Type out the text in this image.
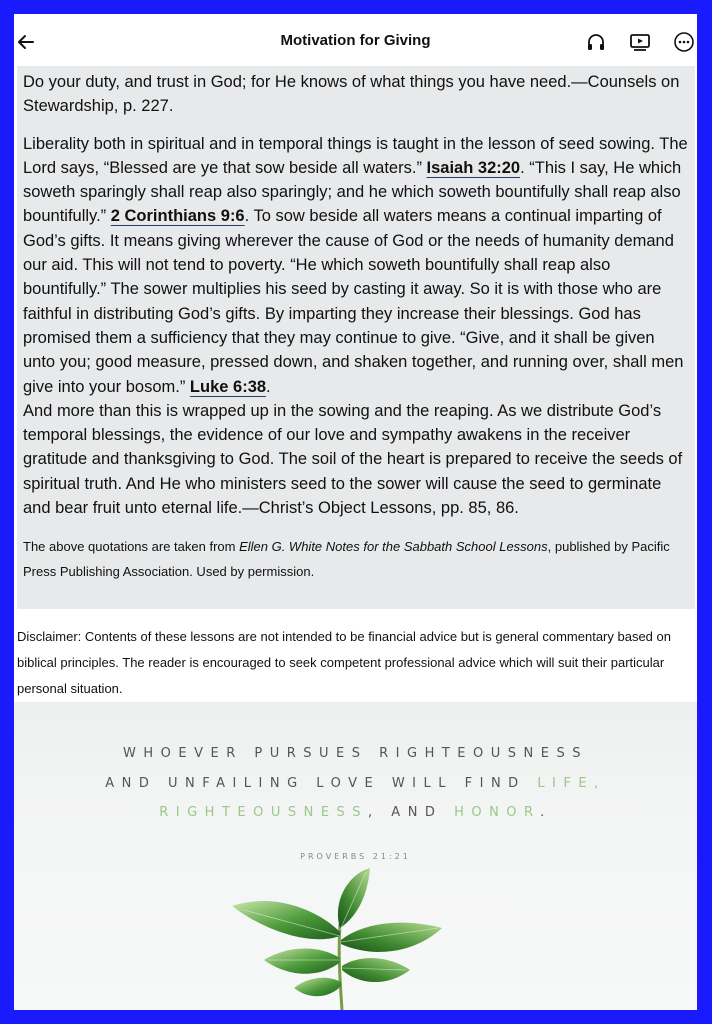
Motivation for Giving

Do your duty, and trust in God; for He knows of what things you have need.—Counsels on Stewardship, p. 227.

Liberality both in spiritual and in temporal things is taught in the lesson of seed sowing. The Lord says, “Blessed are ye that sow beside all waters.” Isaiah 32:20. “This I say, He which soweth sparingly shall reap also sparingly; and he which soweth bountifully shall reap also bountifully.” 2 Corinthians 9:6. To sow beside all waters means a continual imparting of God’s gifts. It means giving wherever the cause of God or the needs of humanity demand our aid. This will not tend to poverty. “He which soweth bountifully shall reap also bountifully.” The sower multiplies his seed by casting it away. So it is with those who are faithful in distributing God’s gifts. By imparting they increase their blessings. God has promised them a sufficiency that they may continue to give. “Give, and it shall be given unto you; good measure, pressed down, and shaken together, and running over, shall men give into your bosom.” Luke 6:38.

And more than this is wrapped up in the sowing and the reaping. As we distribute God’s temporal blessings, the evidence of our love and sympathy awakens in the receiver gratitude and thanksgiving to God. The soil of the heart is prepared to receive the seeds of spiritual truth. And He who ministers seed to the sower will cause the seed to germinate and bear fruit unto eternal life.—Christ’s Object Lessons, pp. 85, 86.

The above quotations are taken from Ellen G. White Notes for the Sabbath School Lessons, published by Pacific Press Publishing Association. Used by permission.

Disclaimer: Contents of these lessons are not intended to be financial advice but is general commentary based on biblical principles. The reader is encouraged to seek competent professional advice which will suit their particular personal situation.

WHOEVER PURSUES RIGHTEOUSNESS
AND UNFAILING LOVE WILL FIND LIFE,
RIGHTEOUSNESS, AND HONOR.
PROVERBS 21:21
